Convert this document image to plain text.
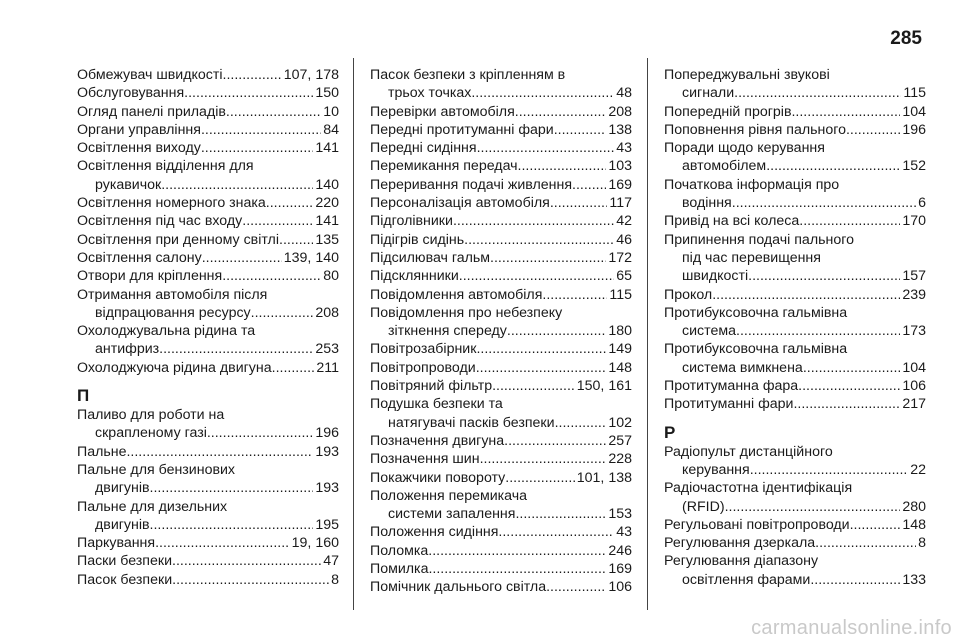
285
Обмежувач швидкості .....	107, 178
Обслуговування .....	150
Огляд панелі приладів .....	10
Органи управління .....	84
Освітлення виходу .....	141
Освітлення відділення для
рукавичок .....	140
Освітлення номерного знака .....	220
Освітлення під час входу .....	141
Освітлення при денному світлі .....	135
Освітлення салону .....	139, 140
Отвори для кріплення .....	80
Отримання автомобіля після
відпрацювання ресурсу .....	208
Охолоджувальна рідина та
антифриз .....	253
Охолоджуюча рідина двигуна .....	211
П
Паливо для роботи на
скрапленому газі .....	196
Пальне .....	193
Пальне для бензинових
двигунів .....	193
Пальне для дизельних
двигунів .....	195
Паркування .....	19, 160
Паски безпеки .....	47
Пасок безпеки .....	8
Пасок безпеки з кріпленням в
трьох точках .....	48
Перевірки автомобіля .....	208
Передні протитуманні фари .....	138
Передні сидіння .....	43
Перемикання передач .....	103
Переривання подачі живлення .....	169
Персоналізація автомобіля .....	117
Підголівники .....	42
Підігрів сидінь .....	46
Підсилювач гальм .....	172
Підсклянники .....	65
Повідомлення автомобіля .....	115
Повідомлення про небезпеку
зіткнення спереду .....	180
Повітрозабірник .....	149
Повітропроводи .....	148
Повітряний фільтр .....	150, 161
Подушка безпеки та
натягувачі пасків безпеки .....	102
Позначення двигуна .....	257
Позначення шин .....	228
Покажчики повороту .....	101, 138
Положення перемикача
системи запалення .....	153
Положення сидіння .....	43
Поломка .....	246
Помилка .....	169
Помічник дальнього світла .....	106
Попереджувальні звукові
сигнали .....	115
Попередній прогрів .....	104
Поповнення рівня пального .....	196
Поради щодо керування
автомобілем .....	152
Початкова інформація про
водіння .....	6
Привід на всі колеса .....	170
Припинення подачі пального
під час перевищення
швидкості .....	157
Прокол .....	239
Протибуксовочна гальмівна
система .....	173
Протибуксовочна гальмівна
система вимкнена .....	104
Протитуманна фара .....	106
Протитуманні фари .....	217
Р
Радіопульт дистанційного
керування .....	22
Радіочастотна ідентифікація
(RFID) .....	280
Регульовані повітропроводи .....	148
Регулювання дзеркала .....	8
Регулювання діапазону
освітлення фарами .....	133
carmanualsonline.info
